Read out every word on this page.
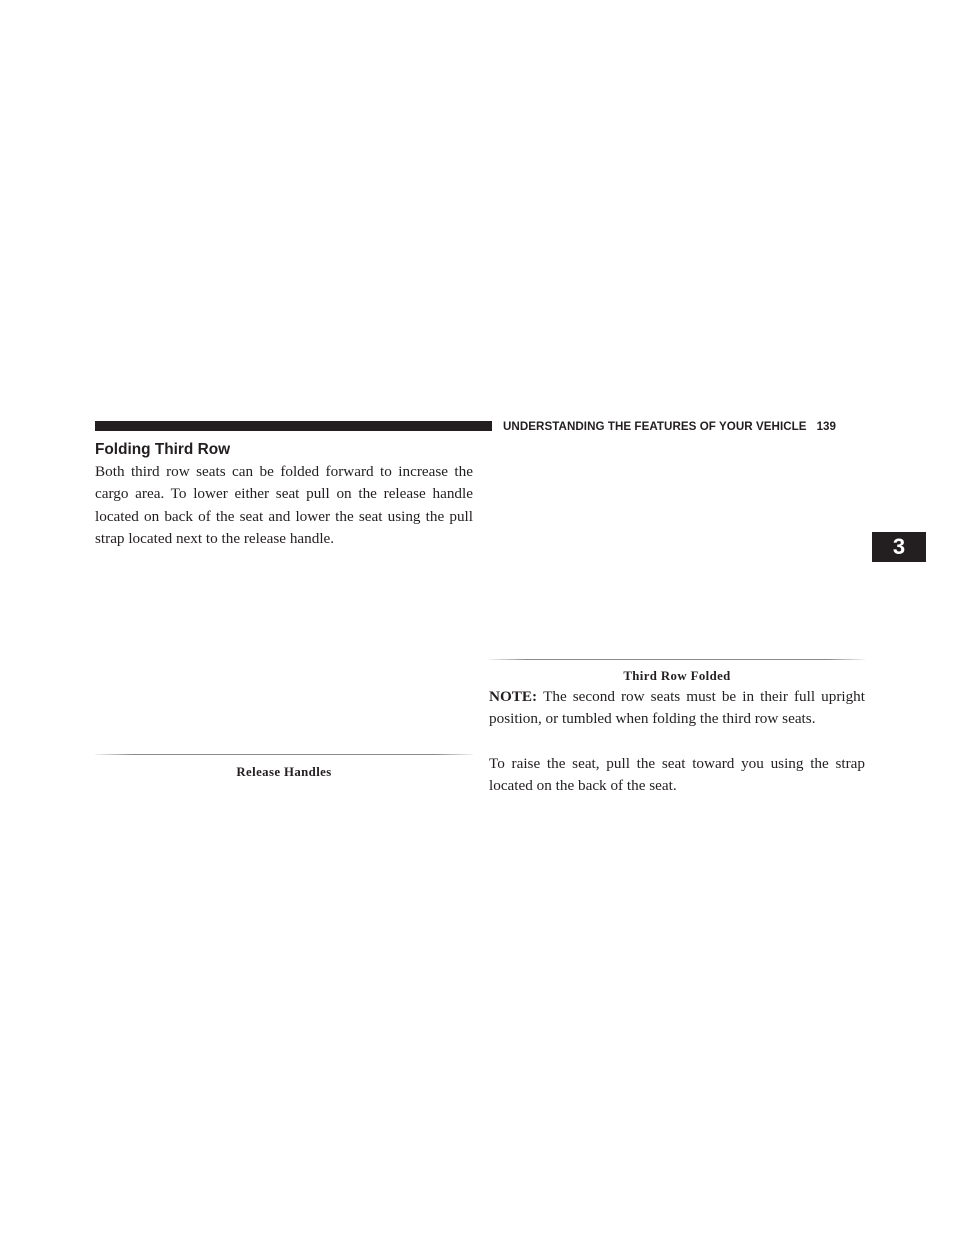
UNDERSTANDING THE FEATURES OF YOUR VEHICLE 139
Folding Third Row

Both third row seats can be folded forward to increase the cargo area. To lower either seat pull on the release handle located on back of the seat and lower the seat using the pull strap located next to the release handle.

Release Handles
Third Row Folded

NOTE: The second row seats must be in their full upright position, or tumbled when folding the third row seats.

To raise the seat, pull the seat toward you using the strap located on the back of the seat.

3
